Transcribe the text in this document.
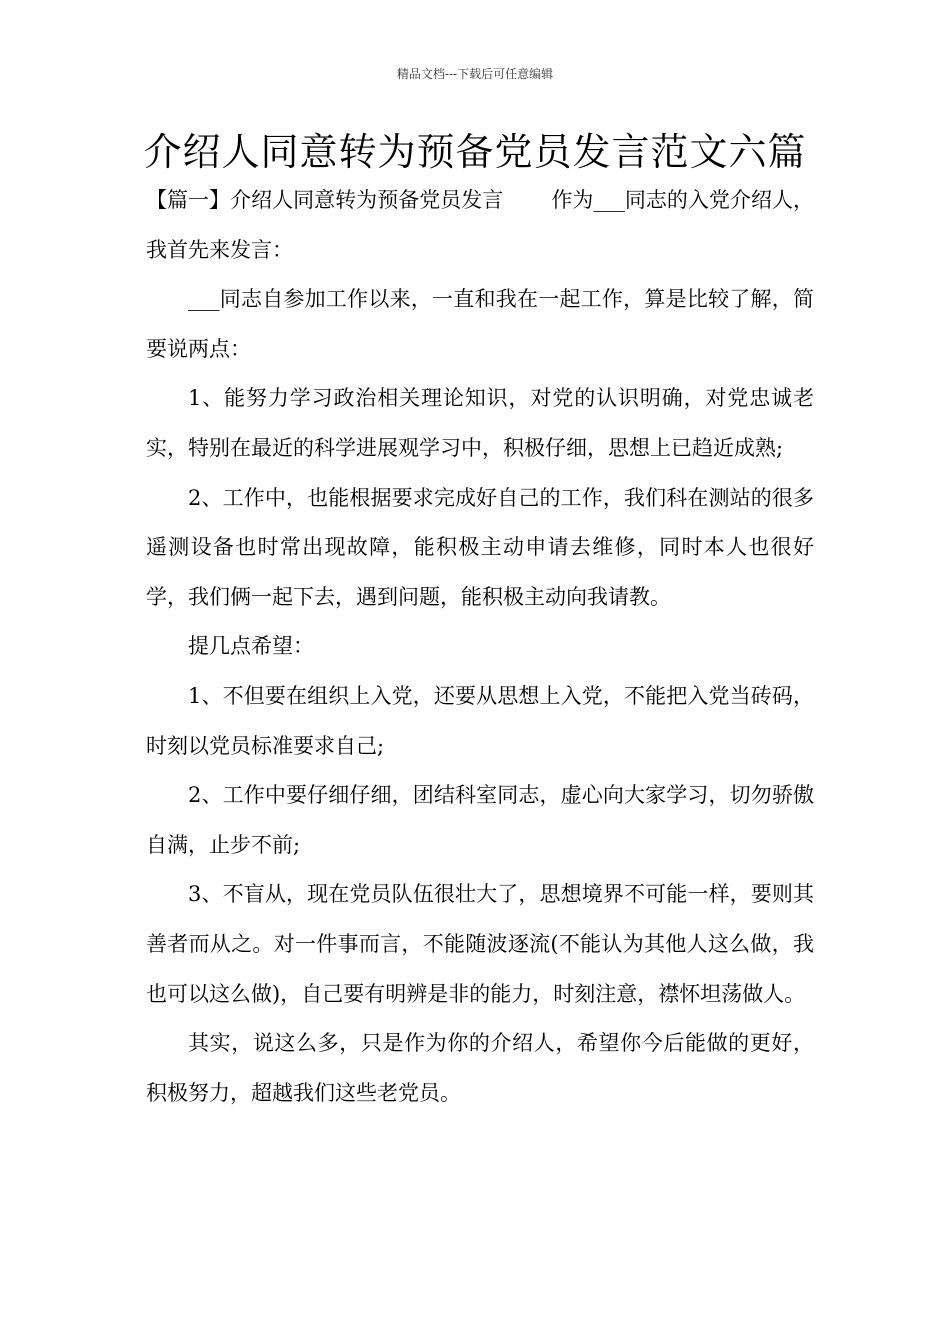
精品文档---下载后可任意编辑
介绍人同意转为预备党员发言范文六篇

【篇一】介绍人同意转为预备党员发言 作为___同志的入党介绍人，我首先来发言：

___同志自参加工作以来，一直和我在一起工作，算是比较了解，简要说两点：

1、能努力学习政治相关理论知识，对党的认识明确，对党忠诚老实，特别在最近的科学进展观学习中，积极仔细，思想上已趋近成熟;

2、工作中，也能根据要求完成好自己的工作，我们科在测站的很多遥测设备也时常出现故障，能积极主动申请去维修，同时本人也很好学，我们俩一起下去，遇到问题，能积极主动向我请教。

提几点希望：

1、不但要在组织上入党，还要从思想上入党，不能把入党当砖码，时刻以党员标准要求自己;

2、工作中要仔细仔细，团结科室同志，虚心向大家学习，切勿骄傲自满，止步不前;

3、不盲从，现在党员队伍很壮大了，思想境界不可能一样，要则其善者而从之。对一件事而言，不能随波逐流(不能认为其他人这么做，我也可以这么做)，自己要有明辨是非的能力，时刻注意，襟怀坦荡做人。

其实，说这么多，只是作为你的介绍人，希望你今后能做的更好，积极努力，超越我们这些老党员。
